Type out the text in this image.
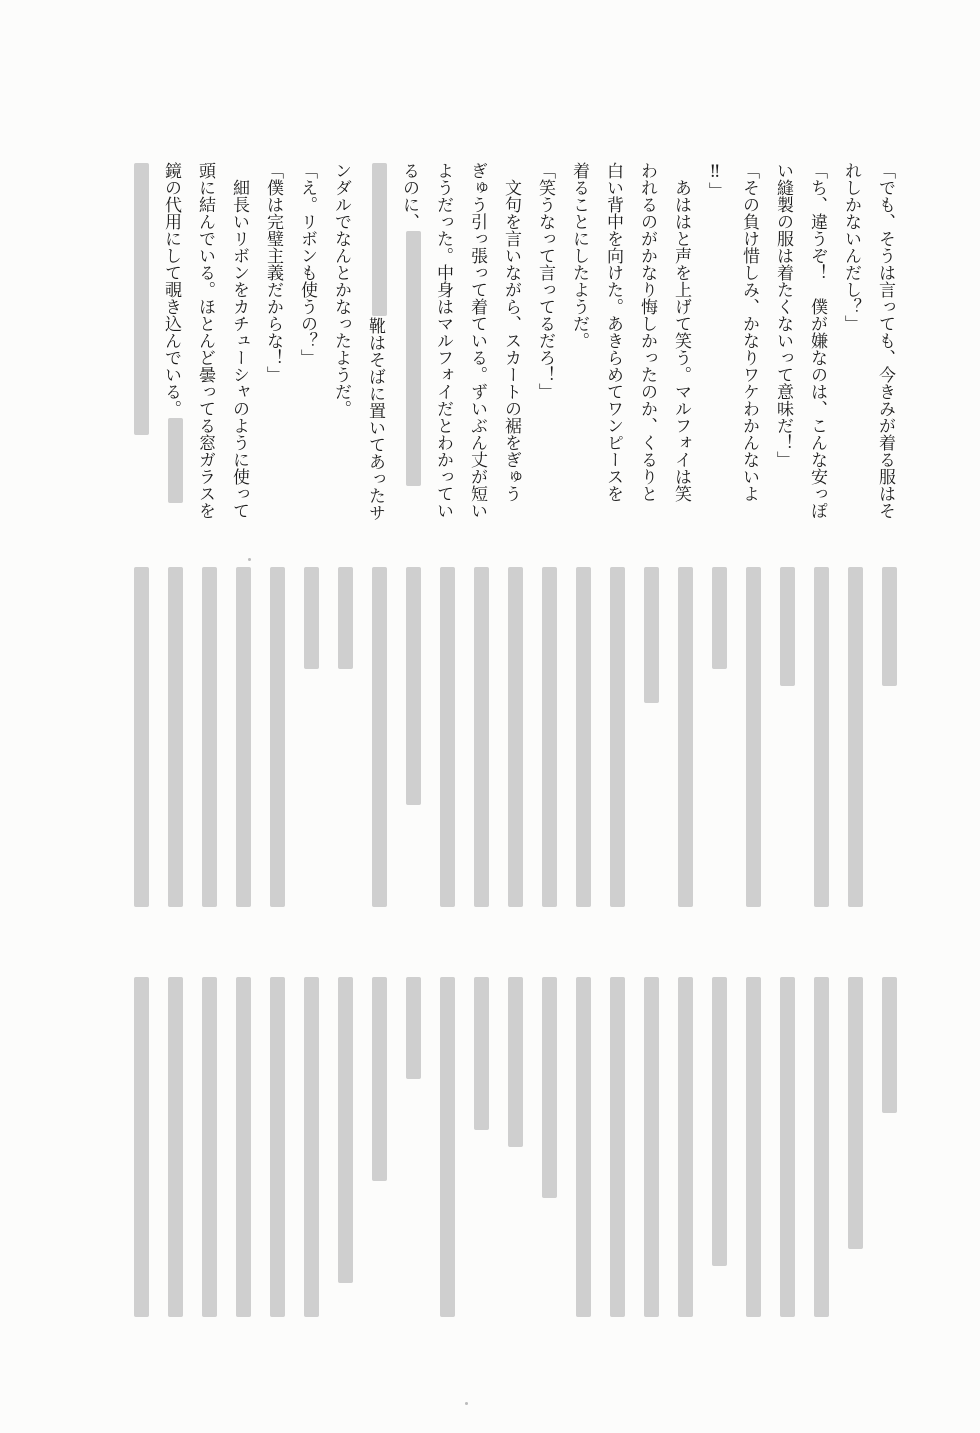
「でも、そうは言っても、今きみが着る服はそ
れしかないんだし？」
「ち、違うぞ！　僕が嫌なのは、こんな安っぽ
い縫製の服は着たくないって意味だ！」
「その負け惜しみ、かなりワケわかんないよ
‼」
　あははと声を上げて笑う。マルフォイは笑
われるのがかなり悔しかったのか、くるりと
白い背中を向けた。あきらめてワンピースを
着ることにしたようだ。
「笑うなって言ってるだろ！」
　文句を言いながら、スカートの裾をぎゅう
ぎゅう引っ張って着ている。ずいぶん丈が短い
ようだった。中身はマルフォイだとわかってい
るのに、
靴はそばに置いてあったサ
ンダルでなんとかなったようだ。
「え。リボンも使うの？」
「僕は完璧主義だからな！」
　細長いリボンをカチューシャのように使って
頭に結んでいる。ほとんど曇ってる窓ガラスを
鏡の代用にして覗き込んでいる。
